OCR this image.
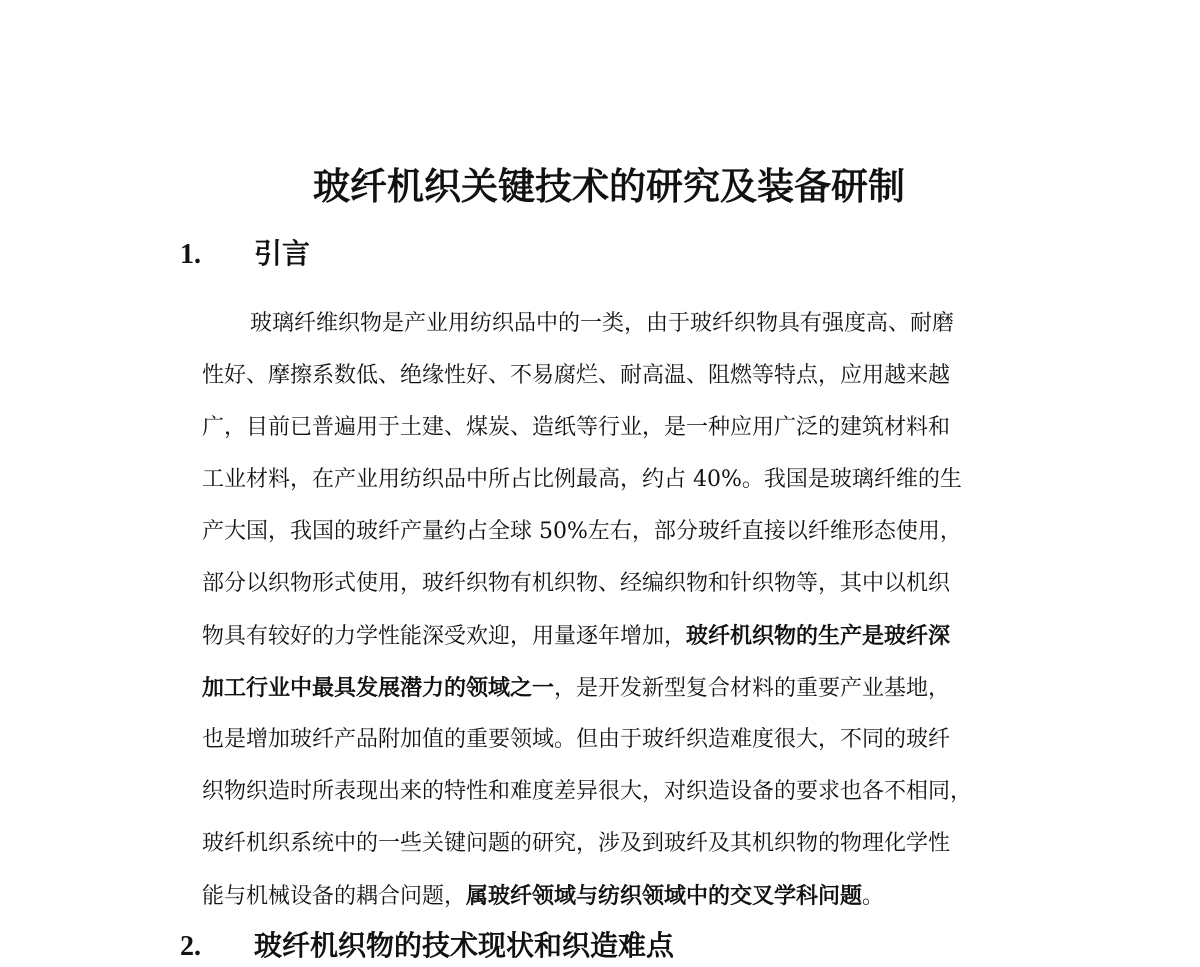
玻纤机织关键技术的研究及装备研制
1. 引言
玻璃纤维织物是产业用纺织品中的一类，由于玻纤织物具有强度高、耐磨
性好、摩擦系数低、绝缘性好、不易腐烂、耐高温、阻燃等特点，应用越来越
广，目前已普遍用于土建、煤炭、造纸等行业，是一种应用广泛的建筑材料和
工业材料，在产业用纺织品中所占比例最高，约占 40%。我国是玻璃纤维的生
产大国，我国的玻纤产量约占全球 50%左右，部分玻纤直接以纤维形态使用，
部分以织物形式使用，玻纤织物有机织物、经编织物和针织物等，其中以机织
物具有较好的力学性能深受欢迎，用量逐年增加，玻纤机织物的生产是玻纤深
加工行业中最具发展潜力的领域之一，是开发新型复合材料的重要产业基地，
也是增加玻纤产品附加值的重要领域。但由于玻纤织造难度很大，不同的玻纤
织物织造时所表现出来的特性和难度差异很大，对织造设备的要求也各不相同，
玻纤机织系统中的一些关键问题的研究，涉及到玻纤及其机织物的物理化学性
能与机械设备的耦合问题，属玻纤领域与纺织领域中的交叉学科问题。
2. 玻纤机织物的技术现状和织造难点
